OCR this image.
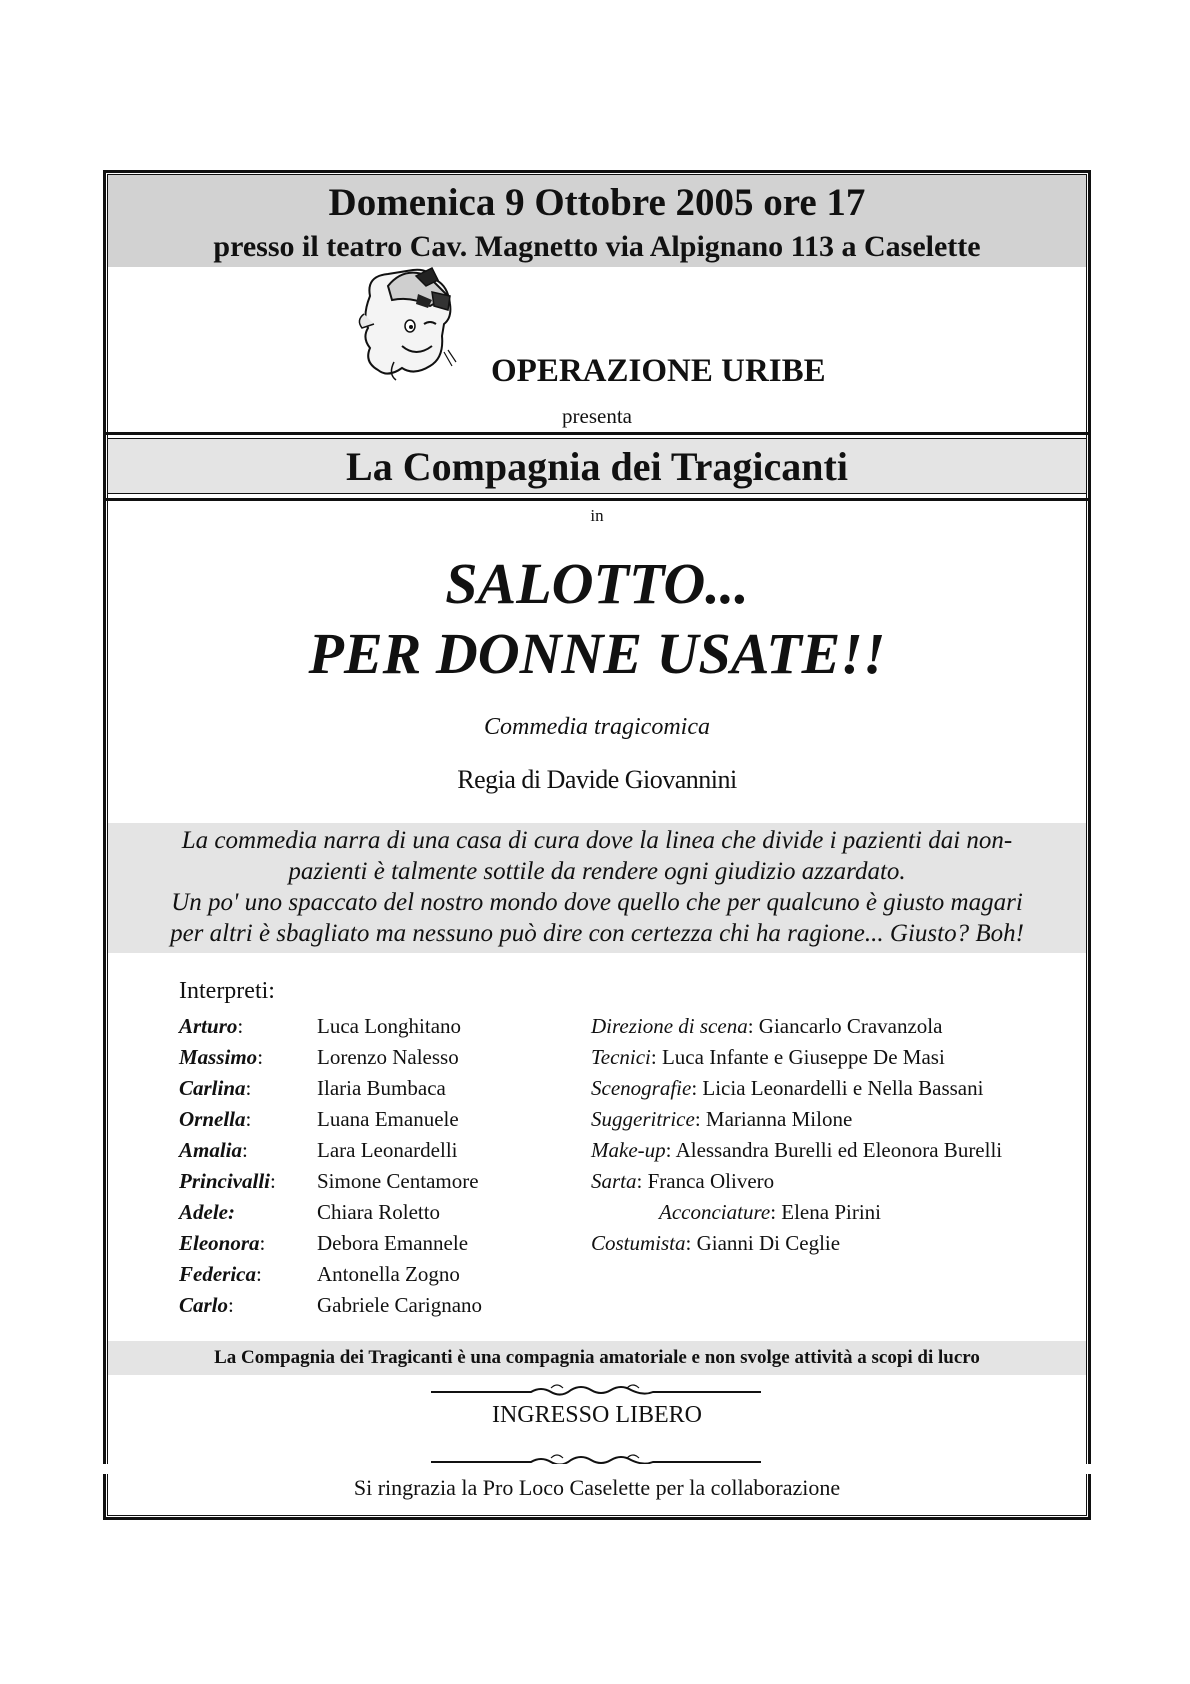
Domenica 9 Ottobre 2005 ore 17
presso il teatro Cav. Magnetto via Alpignano 113 a Caselette
OPERAZIONE URIBE
presenta
La Compagnia dei Tragicanti
in
SALOTTO...
PER DONNE USATE!!
Commedia tragicomica
Regia di Davide Giovannini
La commedia narra di una casa di cura dove la linea che divide i pazienti dai non-
pazienti è talmente sottile da rendere ogni giudizio azzardato.
Un po' uno spaccato del nostro mondo dove quello che per qualcuno è giusto magari
per altri è sbagliato ma nessuno può dire con certezza chi ha ragione... Giusto? Boh!
Interpreti:
Arturo:	Luca Longhitano
Massimo:	Lorenzo Nalesso
Carlina:	Ilaria Bumbaca
Ornella:	Luana Emanuele
Amalia:	Lara Leonardelli
Princivalli: Simone Centamore
Adele:	Chiara Roletto
Eleonora: Debora Emannele
Federica:	Antonella Zogno
Carlo:	Gabriele Carignano
Direzione di scena: Giancarlo Cravanzola
Tecnici: Luca Infante e Giuseppe De Masi
Scenografie: Licia Leonardelli e Nella Bassani
Suggeritrice: Marianna Milone
Make-up: Alessandra Burelli ed Eleonora Burelli
Sarta: Franca Olivero
Acconciature: Elena Pirini
Costumista: Gianni Di Ceglie
La Compagnia dei Tragicanti è una compagnia amatoriale e non svolge attività a scopi di lucro
INGRESSO LIBERO
Si ringrazia la Pro Loco Caselette per la collaborazione
